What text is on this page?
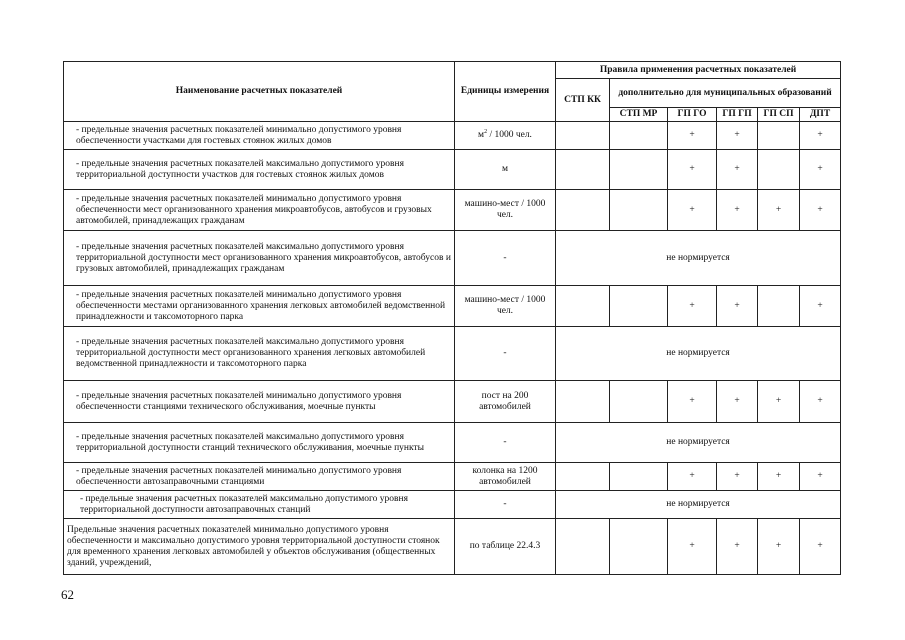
Наименование расчетных показателей	Единицы измерения	Правила применения расчетных показателей					
		СТП КК	дополнительно для муниципальных образований				
			СТП МР	ГП ГО	ГП ГП	ГП СП	ДПТ
- предельные значения расчетных показателей минимально допустимого уровня обеспеченности участками для гостевых стоянок жилых домов	$м^2 / 1000$ чел.			+	+		+
- предельные значения расчетных показателей максимально допустимого уровня территориальной доступности участков для гостевых стоянок жилых домов	м			+	+		+
- предельные значения расчетных показателей минимально допустимого уровня обеспеченности мест организованного хранения микроавтобусов, автобусов и грузовых автомобилей, принадлежащих гражданам	машино-мест / 1000 чел.			+	+	+	+
- предельные значения расчетных показателей максимально допустимого уровня территориальной доступности мест организованного хранения микроавтобусов, автобусов и грузовых автомобилей, принадлежащих гражданам	-	не нормируется					
- предельные значения расчетных показателей минимально допустимого уровня обеспеченности местами организованного хранения легковых автомобилей ведомственной принадлежности и таксомоторного парка	машино-мест / 1000 чел.			+	+		+
- предельные значения расчетных показателей максимально допустимого уровня территориальной доступности мест организованного хранения легковых автомобилей ведомственной принадлежности и таксомоторного парка	-	не нормируется					
- предельные значения расчетных показателей минимально допустимого уровня обеспеченности станциями технического обслуживания, моечные пункты	пост на 200 автомобилей			+	+	+	+
- предельные значения расчетных показателей максимально допустимого уровня территориальной доступности станций технического обслуживания, моечные пункты	-	не нормируется					
- предельные значения расчетных показателей минимально допустимого уровня обеспеченности автозаправочными станциями	колонка на 1200 автомобилей			+	+	+	+
- предельные значения расчетных показателей максимально допустимого уровня территориальной доступности автозаправочных станций	-	не нормируется					
Предельные значения расчетных показателей минимально допустимого уровня обеспеченности и максимально допустимого уровня территориальной доступности стоянок для временного хранения легковых автомобилей у объектов обслуживания (общественных зданий, учреждений,	по таблице 22.4.3			+	+	+	+
62
